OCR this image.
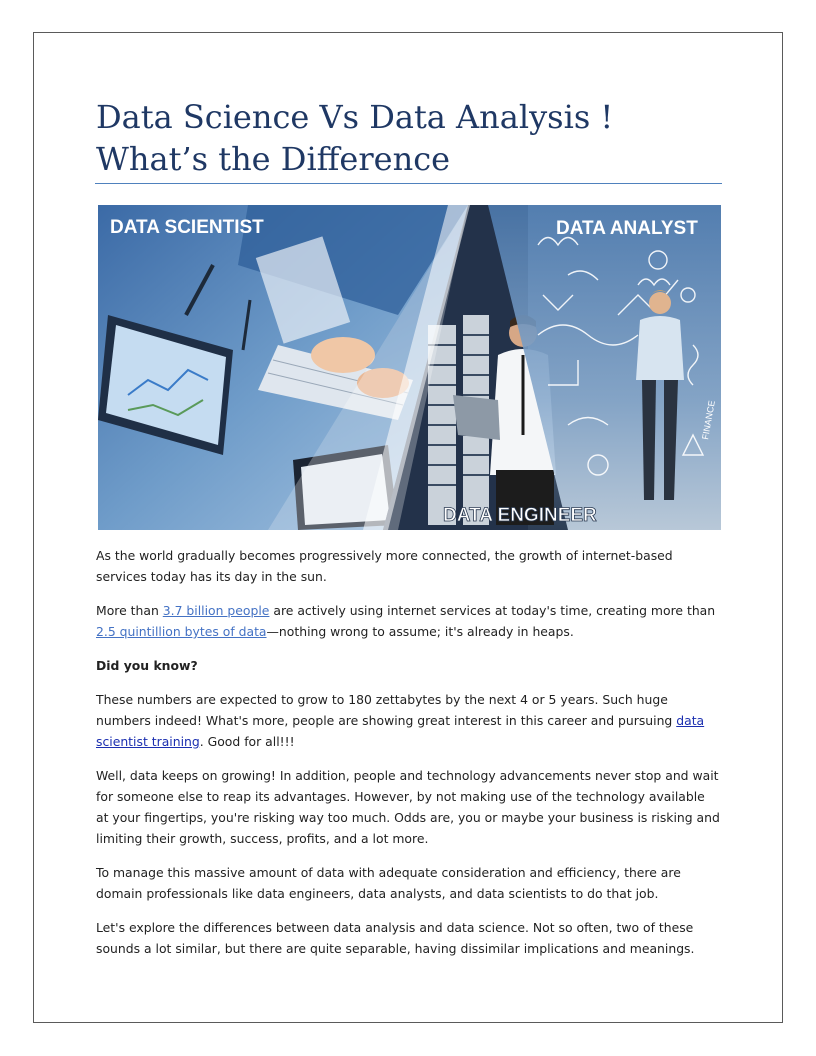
Data Science Vs Data Analysis ! What’s the Difference
FINANCE
DATA SCIENTIST	DATA ANALYST
DATA ENGINEER

As the world gradually becomes progressively more connected, the growth of internet-based services today has its day in the sun.

More than 3.7 billion people are actively using internet services at today's time, creating more than 2.5 quintillion bytes of data—nothing wrong to assume; it's already in heaps.

Did you know?

These numbers are expected to grow to 180 zettabytes by the next 4 or 5 years. Such huge numbers indeed! What's more, people are showing great interest in this career and pursuing data scientist training. Good for all!!!

Well, data keeps on growing! In addition, people and technology advancements never stop and wait for someone else to reap its advantages. However, by not making use of the technology available at your fingertips, you're risking way too much. Odds are, you or maybe your business is risking and limiting their growth, success, profits, and a lot more.

To manage this massive amount of data with adequate consideration and efficiency, there are domain professionals like data engineers, data analysts, and data scientists to do that job.

Let's explore the differences between data analysis and data science. Not so often, two of these sounds a lot similar, but there are quite separable, having dissimilar implications and meanings.
